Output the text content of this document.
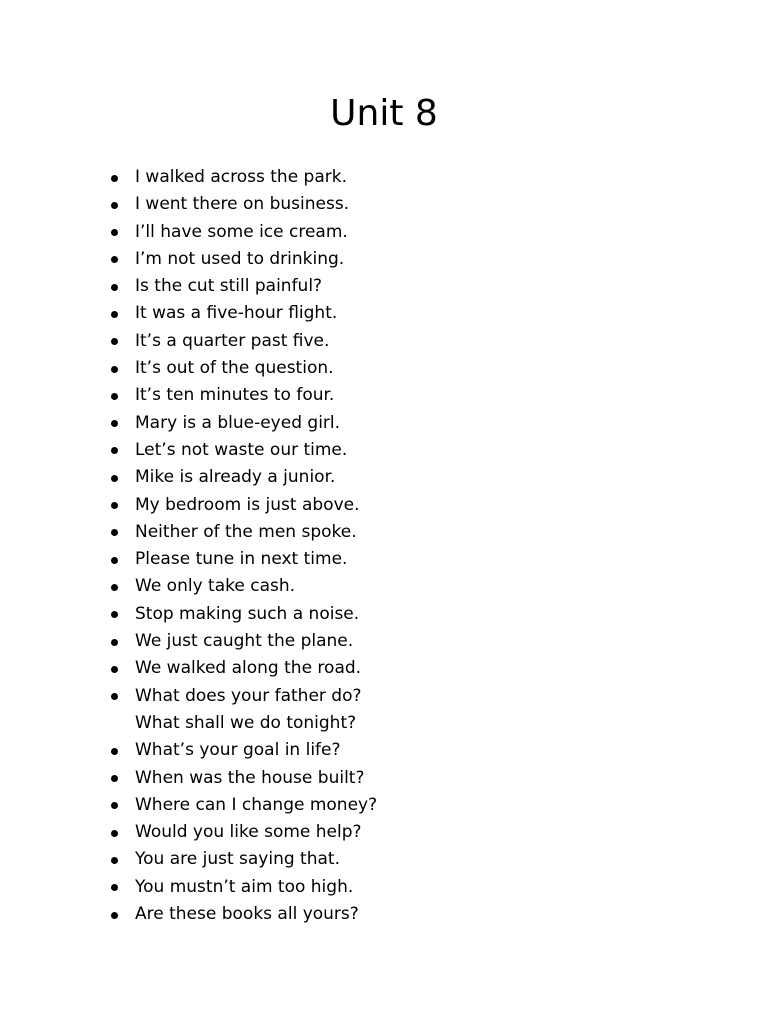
Unit 8
I walked across the park.
I went there on business.
I’ll have some ice cream.
I’m not used to drinking.
Is the cut still painful?
It was a five-hour flight.
It’s a quarter past five.
It’s out of the question.
It’s ten minutes to four.
Mary is a blue-eyed girl.
Let’s not waste our time.
Mike is already a junior.
My bedroom is just above.
Neither of the men spoke.
Please tune in next time.
We only take cash.
Stop making such a noise.
We just caught the plane.
We walked along the road.
What does your father do?
What shall we do tonight?
What’s your goal in life?
When was the house built?
Where can I change money?
Would you like some help?
You are just saying that.
You mustn’t aim too high.
Are these books all yours?
